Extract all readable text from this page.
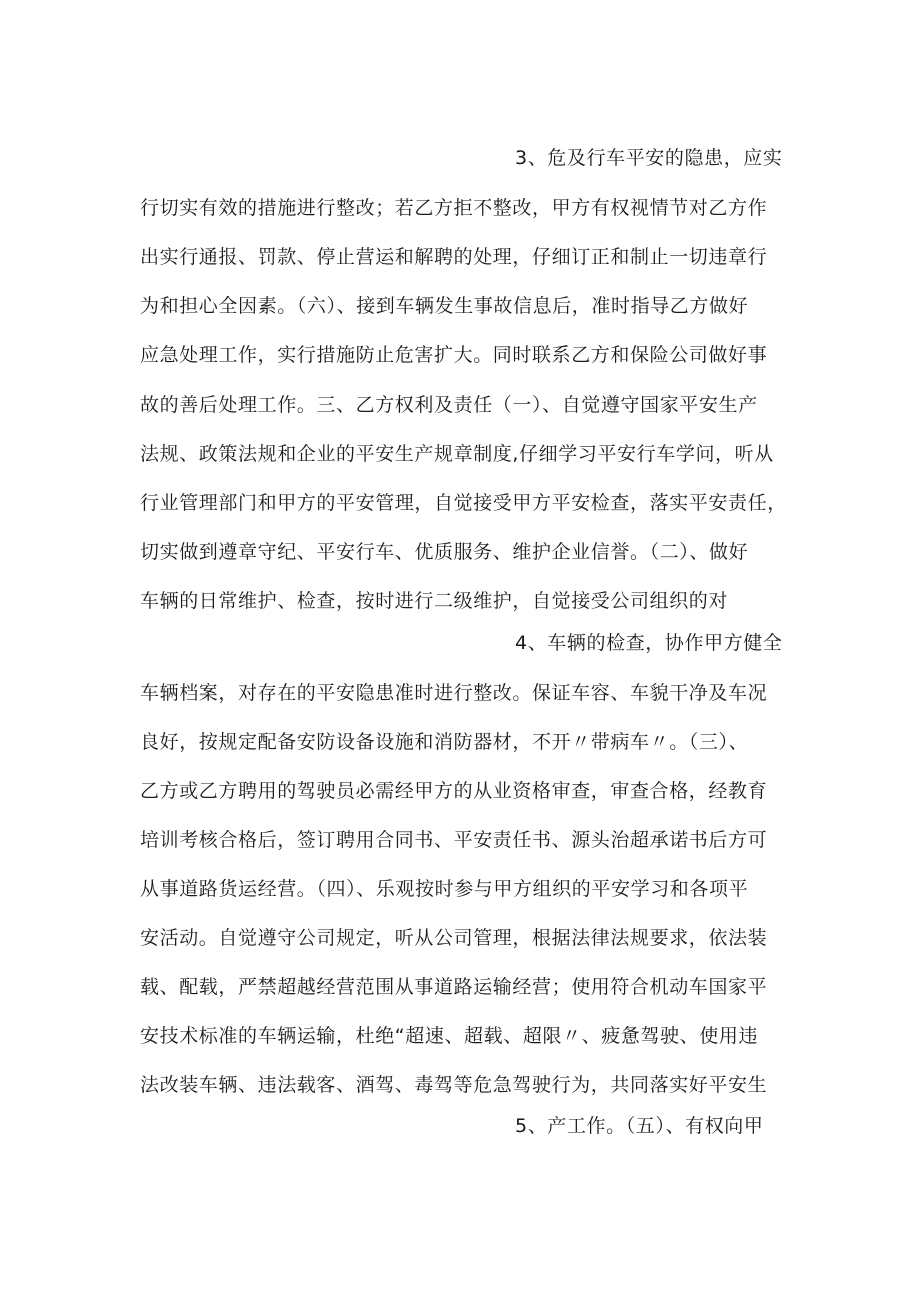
3、危及行车平安的隐患，应实
行切实有效的措施进行整改；若乙方拒不整改，甲方有权视情节对乙方作
出实行通报、罚款、停止营运和解聘的处理，仔细订正和制止一切违章行
为和担心全因素。（六）、接到车辆发生事故信息后，准时指导乙方做好
应急处理工作，实行措施防止危害扩大。同时联系乙方和保险公司做好事
故的善后处理工作。三、乙方权利及责任（一）、自觉遵守国家平安生产
法规、政策法规和企业的平安生产规章制度,仔细学习平安行车学问，听从
行业管理部门和甲方的平安管理，自觉接受甲方平安检查，落实平安责任，
切实做到遵章守纪、平安行车、优质服务、维护企业信誉。（二）、做好
车辆的日常维护、检查，按时进行二级维护，自觉接受公司组织的对
4、车辆的检查，协作甲方健全
车辆档案，对存在的平安隐患准时进行整改。保证车容、车貌干净及车况
良好，按规定配备安防设备设施和消防器材，不开〃带病车〃。（三）、
乙方或乙方聘用的驾驶员必需经甲方的从业资格审查，审查合格，经教育
培训考核合格后，签订聘用合同书、平安责任书、源头治超承诺书后方可
从事道路货运经营。（四）、乐观按时参与甲方组织的平安学习和各项平
安活动。自觉遵守公司规定，听从公司管理，根据法律法规要求，依法装
载、配载，严禁超越经营范围从事道路运输经营；使用符合机动车国家平
安技术标准的车辆运输，杜绝“超速、超载、超限〃、疲惫驾驶、使用违
法改装车辆、违法载客、酒驾、毒驾等危急驾驶行为，共同落实好平安生
5、产工作。（五）、有权向甲
